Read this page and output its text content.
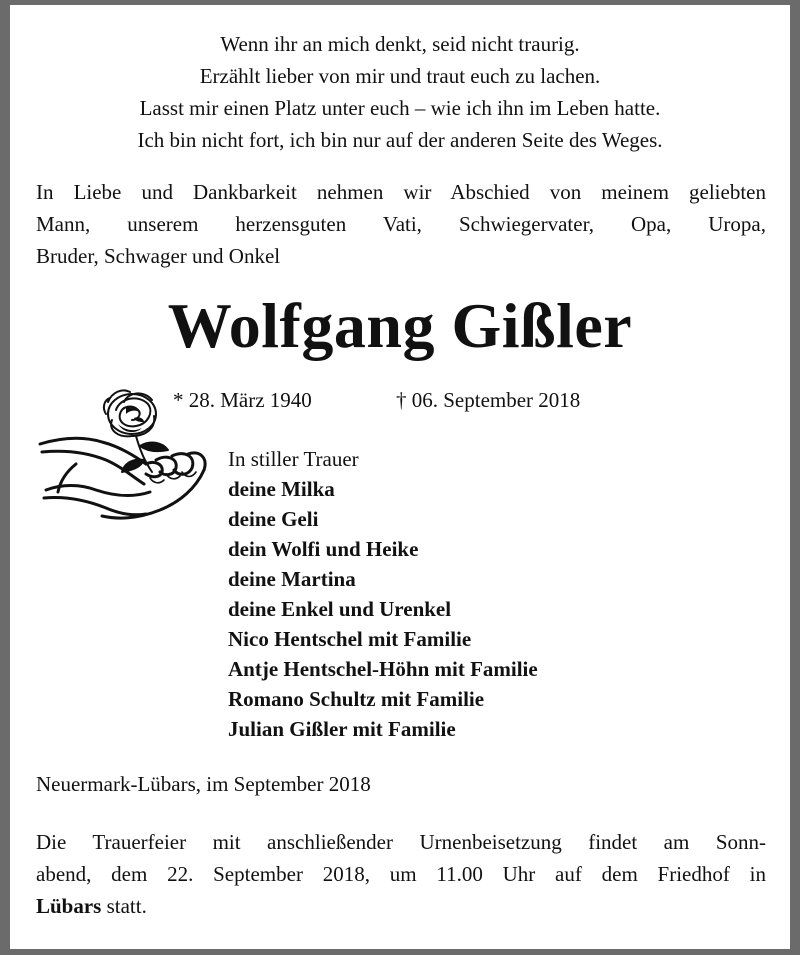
Wenn ihr an mich denkt, seid nicht traurig.
Erzählt lieber von mir und traut euch zu lachen.
Lasst mir einen Platz unter euch – wie ich ihn im Leben hatte.
Ich bin nicht fort, ich bin nur auf der anderen Seite des Weges.
In Liebe und Dankbarkeit nehmen wir Abschied von meinem geliebten
Mann, unserem herzensguten Vati, Schwiegervater, Opa, Uropa,
Bruder, Schwager und Onkel
Wolfgang Gißler
* 28. März 1940	† 06. September 2018
In stiller Trauer
deine Milka
deine Geli
dein Wolfi und Heike
deine Martina
deine Enkel und Urenkel
Nico Hentschel mit Familie
Antje Hentschel-Höhn mit Familie
Romano Schultz mit Familie
Julian Gißler mit Familie
Neuermark-Lübars, im September 2018
Die Trauerfeier mit anschließender Urnenbeisetzung findet am Sonn-
abend, dem 22. September 2018, um 11.00 Uhr auf dem Friedhof in
Lübars statt.
